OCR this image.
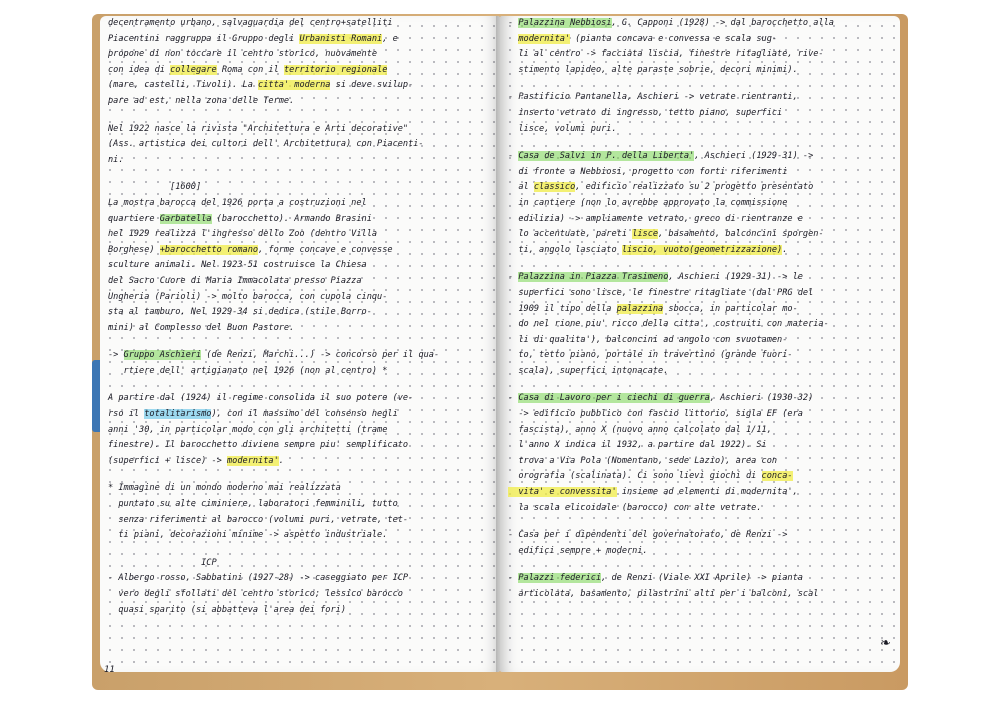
decentramento urbano, salvaguardia del centro+satelliti
Piacentini raggruppa il Gruppo degli Urbanisti Romani, e
propone di non toccare il centro storico, nuovamente
con idea di collegare Roma con il territorio regionale
(mare, castelli, Tivoli). La citta' moderna si deve svilup-
pare ad est, nella zona delle Terme.
Nel 1922 nasce la rivista "Architettura e Arti decorative"
(Ass. artistica dei cultori dell' Architettura) con Piacenti-
ni.
[1600]
La mostra barocca del 1926 porta a costruzioni nel
quartiere Garbatella (barocchetto). Armando Brasini
nel 1929 realizza l'ingresso dello Zoo (dentro Villa
Borghese) +barocchetto romano, forme concave e convesse
sculture animali. Nel 1923-51 costruisce la Chiesa
del Sacro Cuore di Maria Immacolata presso Piazza
Ungheria (Parioli) -> molto barocca, con cupola cinqu-
sta al tamburo. Nel 1929-34 si dedica (stile Borro-
mini) al Complesso del Buon Pastore.
-> Gruppo Aschieri (de Renzi, Marchi...) -> concorso per il qua-
rtiere dell' artigianato nel 1926 (non al centro) *
A partire dal (1924) il regime consolida il suo potere (ve-
rso il totalitarismo), con il massimo del consenso negli
anni '30, in particolar modo con gli architetti (trame
finestre). Il barocchetto diviene sempre piu' semplificato
(superfici + lisce) -> modernita'.
* Immagine di un mondo moderno mai realizzata
puntato su alte ciminiere, laboratori femminili, tutto
senza riferimenti al barocco (volumi puri, vetrate, tet-
ti piani, decorazioni minime -> aspetto industriale.
ICP
- Albergo rosso, Sabbatini (1927-28) -> caseggiato per ICP
vero degli sfollati del centro storico; lessico barocco
quasi sparito (si abbatteva l'area dei fori)
- Palazzina Nebbiosi, G. Capponi (1928) -> dal barocchetto alla
modernita' (pianta concava e convessa e scala sug-
li al centro -> facciata liscia, finestre ritagliate, rive-
stimento lapideo, alte paraste sobrie, decori minimi).
- Pastificio Pantanella, Aschieri -> vetrate rientranti,
inserto vetrato di ingresso, tetto piano, superfici
lisce, volumi puri.
- Casa de Salvi in P. della Liberta', Aschieri (1929-31) ->
di fronte a Nebbiosi, progetto con forti riferimenti
al classico, edificio realizzato su 2 progetto presentato
in cantiere (non lo avrebbe approvato la commissione
edilizia) -> ampliamente vetrato, greco di rientranze e
lo accentuate, pareti lisce, basamento, balconcini sporgen-
ti, angolo lasciato liscio, vuoto(geometrizzazione).
- Palazzina in Piazza Trasimeno, Aschieri (1929-31) -> le
superfici sono lisce, le finestre ritagliate (dal PRG del
1909 il tipo della palazzina sbocca, in particolar mo-
do nel rione piu' ricco della citta', costruiti con materia-
li di qualita'), balconcini ad angolo con svuotamen-
to, tetto piano, portale in travertino (grande fuori-
scala), superfici intonacate.
- Casa di Lavoro per i ciechi di guerra, Aschieri (1930-32)
-> edificio pubblico con fascio littorio, sigla EF (era
fascista), anno X (nuovo anno calcolato dal 1/11,
l'anno X indica il 1932, a partire dal 1922). Si
trova a Via Pola (Nomentano, sede Lazio), area con
orografia (scalinata). Ci sono lievi giochi di conca-
vita' e convessita' insieme ad elementi di modernita',
la scala elicoidale (barocco) con alte vetrate.
- Casa per i dipendenti del governatorato, de Renzi ->
edifici sempre + moderni.
- Palazzi federici, de Renzi (Viale XXI Aprile) -> pianta
articolata, basamento, pilastrini alti per i balconi, scal
11
❧
